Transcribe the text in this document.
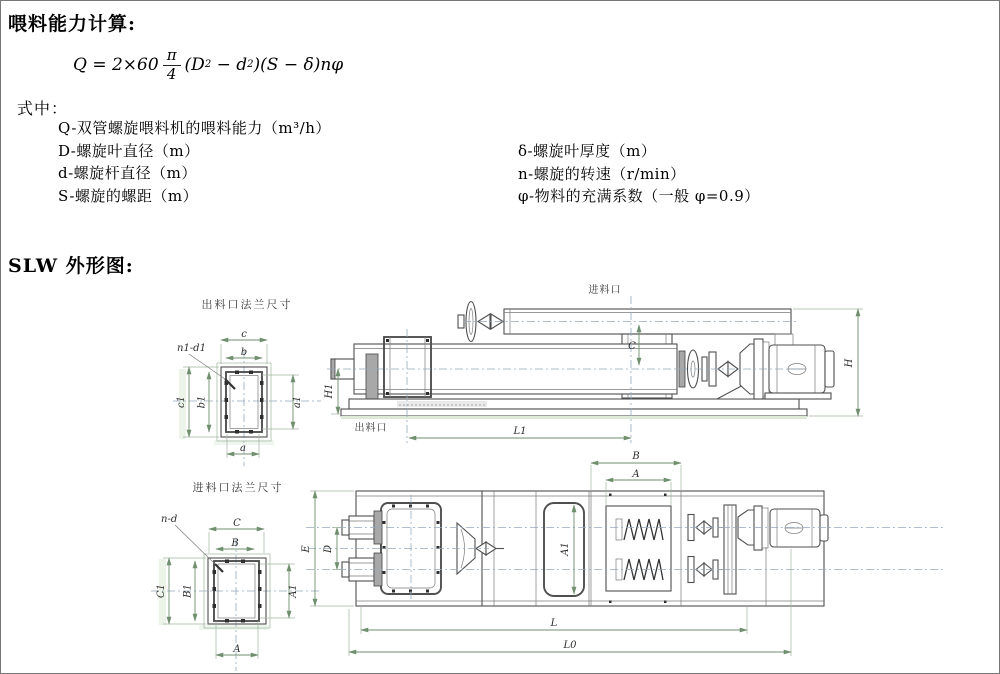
喂料能力计算:
$Q = 2\times 60 \frac{\pi}{4} (D$ 2 − d 2 )(S − δ)nφ
式中：
Q-双管螺旋喂料机的喂料能力（m³/h）
D-螺旋叶直径（m）
d-螺旋杆直径（m）
S-螺旋的螺距（m）
δ-螺旋叶厚度（m）
n-螺旋的转速（r/min）
φ-物料的充满系数（一般 φ=0.9）
SLW 外形图:
出料口法兰尺寸
c
b
c1 b1	a1
a
n1-d1
进料口
C
H
H1
出料口	L1
进料口法兰尺寸
C
B
C1 B1	A1
A
n-d
E D	A1
B
A
L
L0
